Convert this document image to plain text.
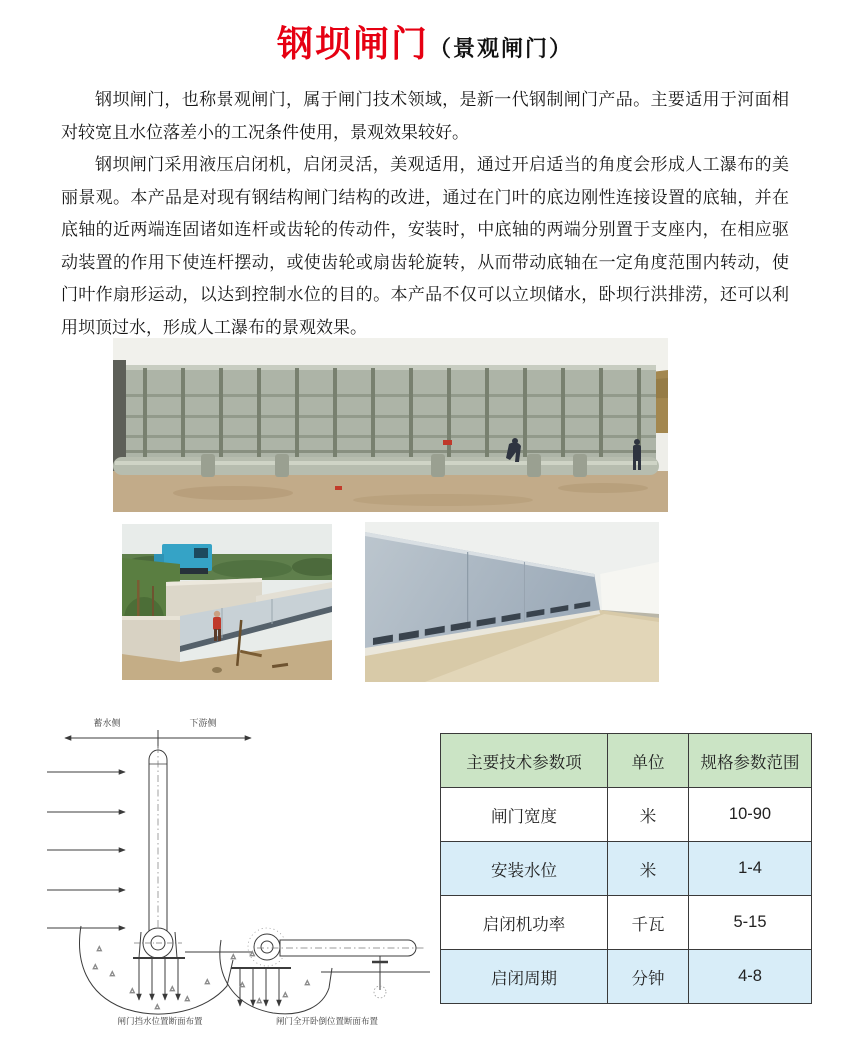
钢坝闸门（景观闸门）

钢坝闸门，也称景观闸门，属于闸门技术领域，是新一代钢制闸门产品。主要适用于河面相对较宽且水位落差小的工况条件使用，景观效果较好。

钢坝闸门采用液压启闭机，启闭灵活，美观适用，通过开启适当的角度会形成人工瀑布的美丽景观。本产品是对现有钢结构闸门结构的改进，通过在门叶的底边刚性连接设置的底轴，并在底轴的近两端连固诸如连杆或齿轮的传动件，安装时，中底轴的两端分别置于支座内，在相应驱动装置的作用下使连杆摆动，或使齿轮或扇齿轮旋转，从而带动底轴在一定角度范围内转动，使门叶作扇形运动，以达到控制水位的目的。本产品不仅可以立坝储水，卧坝行洪排涝，还可以利用坝顶过水，形成人工瀑布的景观效果。

△
△
△
△
△
△
△
△
△
△
△
△
△
△
蓄水侧	下游侧
闸门挡水位置断面布置	闸门全开卧倒位置断面布置
主要技术参数项	单位	规格参数范围
闸门宽度	米	10-90
安装水位	米	1-4
启闭机功率	千瓦	5-15
启闭周期	分钟	4-8
